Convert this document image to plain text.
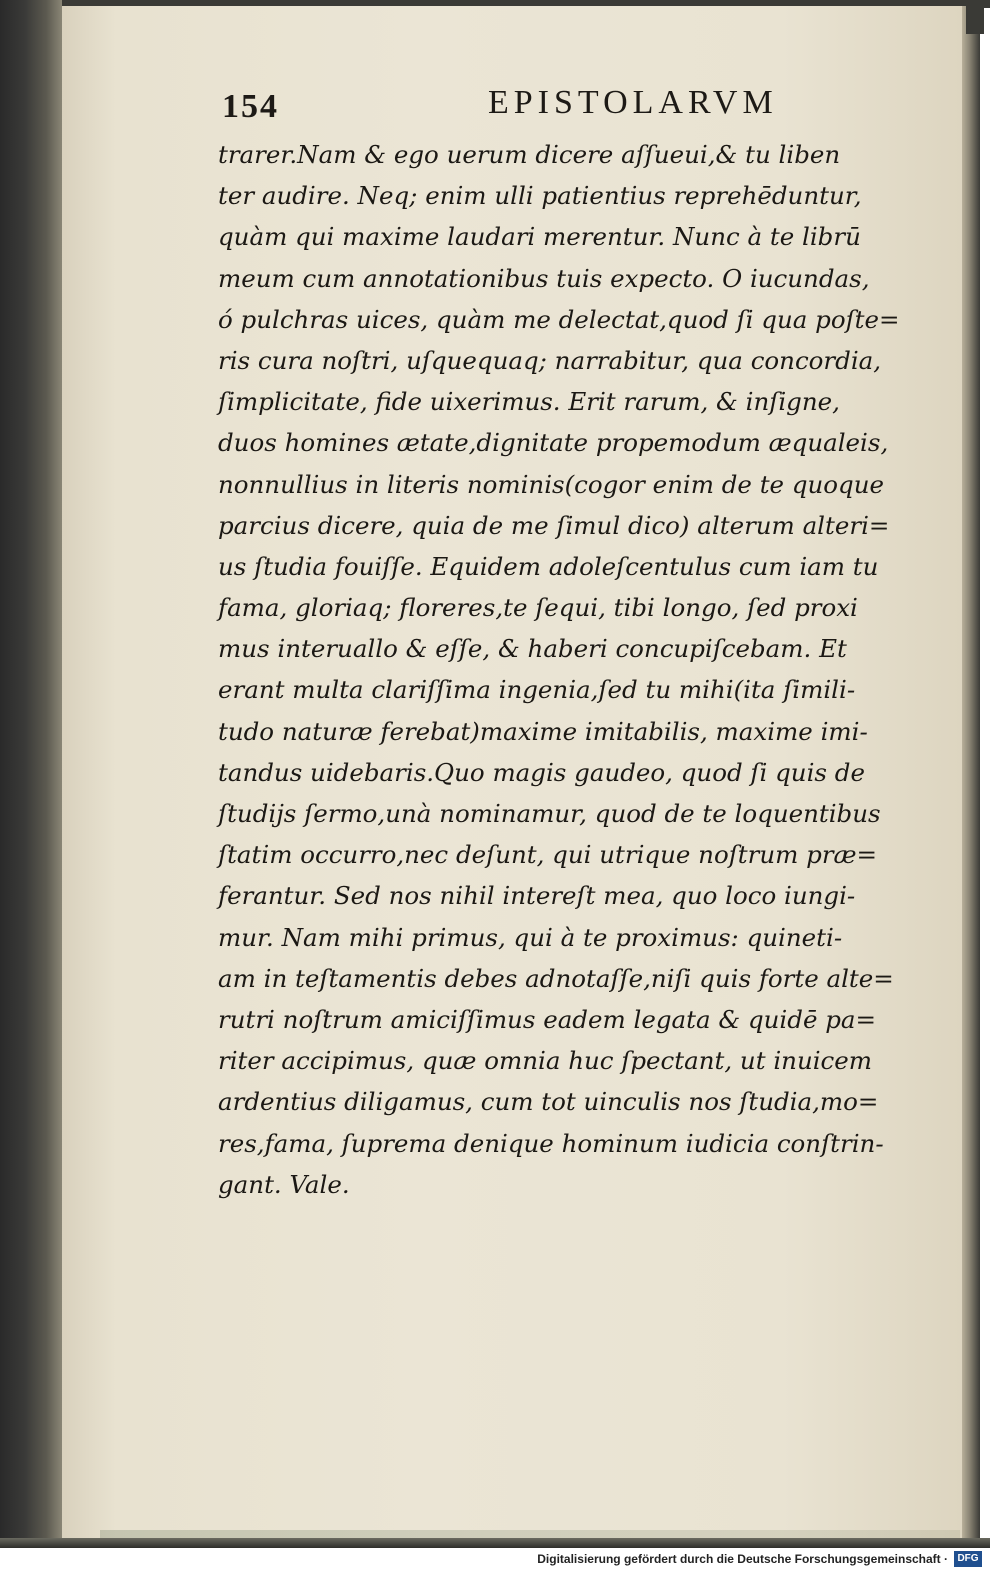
154	EPISTOLARVM
trarer.Nam & ego uerum dicere aſſueui,& tu liben
ter audire. Neq; enim ulli patientius reprehēduntur,
quàm qui maxime laudari merentur. Nunc à te librū
meum cum annotationibus tuis expecto. O iucundas,
ó pulchras uices, quàm me delectat,quod ſi qua poſte=
ris cura noſtri, uſquequaq; narrabitur, qua concordia,
ſimplicitate, fide uixerimus. Erit rarum, & inſigne,
duos homines ætate,dignitate propemodum æqualeis,
nonnullius in literis nominis(cogor enim de te quoque
parcius dicere, quia de me ſimul dico) alterum alteri=
us ſtudia fouiſſe. Equidem adoleſcentulus cum iam tu
fama, gloriaq; floreres,te ſequi, tibi longo, ſed proxi
mus interuallo & eſſe, & haberi concupiſcebam. Et
erant multa clariſſima ingenia,ſed tu mihi(ita ſimili-
tudo naturæ ferebat)maxime imitabilis, maxime imi-
tandus uidebaris.Quo magis gaudeo, quod ſi quis de
ſtudijs ſermo,unà nominamur, quod de te loquentibus
ſtatim occurro,nec deſunt, qui utrique noſtrum præ=
ferantur. Sed nos nihil intereſt mea, quo loco iungi-
mur. Nam mihi primus, qui à te proximus: quineti-
am in teſtamentis debes adnotaſſe,niſi quis forte alte=
rutri noſtrum amiciſſimus eadem legata & quidē pa=
riter accipimus, quæ omnia huc ſpectant, ut inuicem
ardentius diligamus, cum tot uinculis nos ſtudia,mo=
res,fama, ſuprema denique hominum iudicia conſtrin-
gant. Vale.
Digitalisierung gefördert durch die Deutsche Forschungsgemeinschaft · DFG
